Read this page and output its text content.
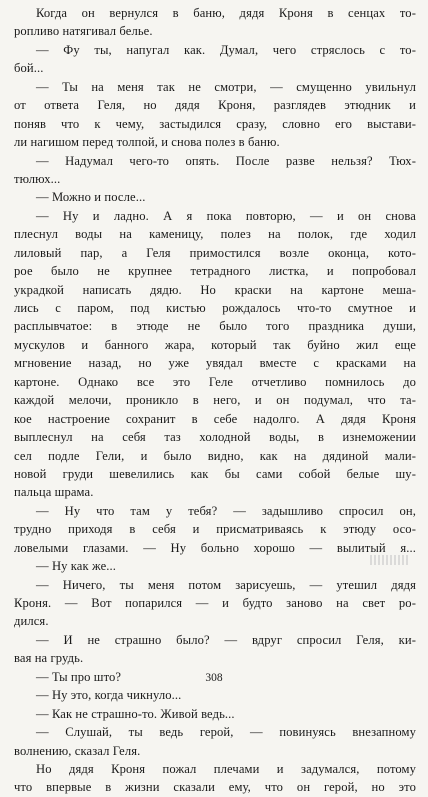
Когда он вернулся в баню, дядя Кроня в сенцах то-
ропливо натягивал белье.
— Фу ты, напугал как. Думал, чего стряслось с то-
бой...
— Ты на меня так не смотри, — смущенно увильнул
от ответа Геля, но дядя Кроня, разглядев этюдник и
поняв что к чему, застыдился сразу, словно его выстави-
ли нагишом перед толпой, и снова полез в баню.
— Надумал чего-то опять. После разве нельзя? Тюх-
тюлюх...
— Можно и после...
— Ну и ладно. А я пока повторю, — и он снова
плеснул воды на каменицу, полез на полок, где ходил
лиловый пар, а Геля примостился возле оконца, кото-
рое было не крупнее тетрадного листка, и попробовал
украдкой написать дядю. Но краски на картоне меша-
лись с паром, под кистью рождалось что-то смутное и
расплывчатое: в этюде не было того праздника души,
мускулов и банного жара, который так буйно жил еще
мгновение назад, но уже увядал вместе с красками на
картоне. Однако все это Геле отчетливо помнилось до
каждой мелочи, проникло в него, и он подумал, что та-
кое настроение сохранит в себе надолго. А дядя Кроня
выплеснул на себя таз холодной воды, в изнеможении
сел подле Гели, и было видно, как на дядиной мали-
новой груди шевелились как бы сами собой белые шу-
пальца шрама.
— Ну что там у тебя? — задышливо спросил он,
трудно приходя в себя и присматриваясь к этюду осо-
ловелыми глазами. — Ну больно хорошо — вылитый я...
— Ну как же...
— Ничего, ты меня потом зарисуешь, — утешил дядя
Кроня. — Вот попарился — и будто заново на свет ро-
дился.
— И не страшно было? — вдруг спросил Геля, ки-
вая на грудь.
— Ты про што?
— Ну это, когда чикнуло...
— Как не страшно-то. Живой ведь...
— Слушай, ты ведь герой, — повинуясь внезапному
волнению, сказал Геля.
Но дядя Кроня пожал плечами и задумался, потому
что впервые в жизни сказали ему, что он герой, но это
308
